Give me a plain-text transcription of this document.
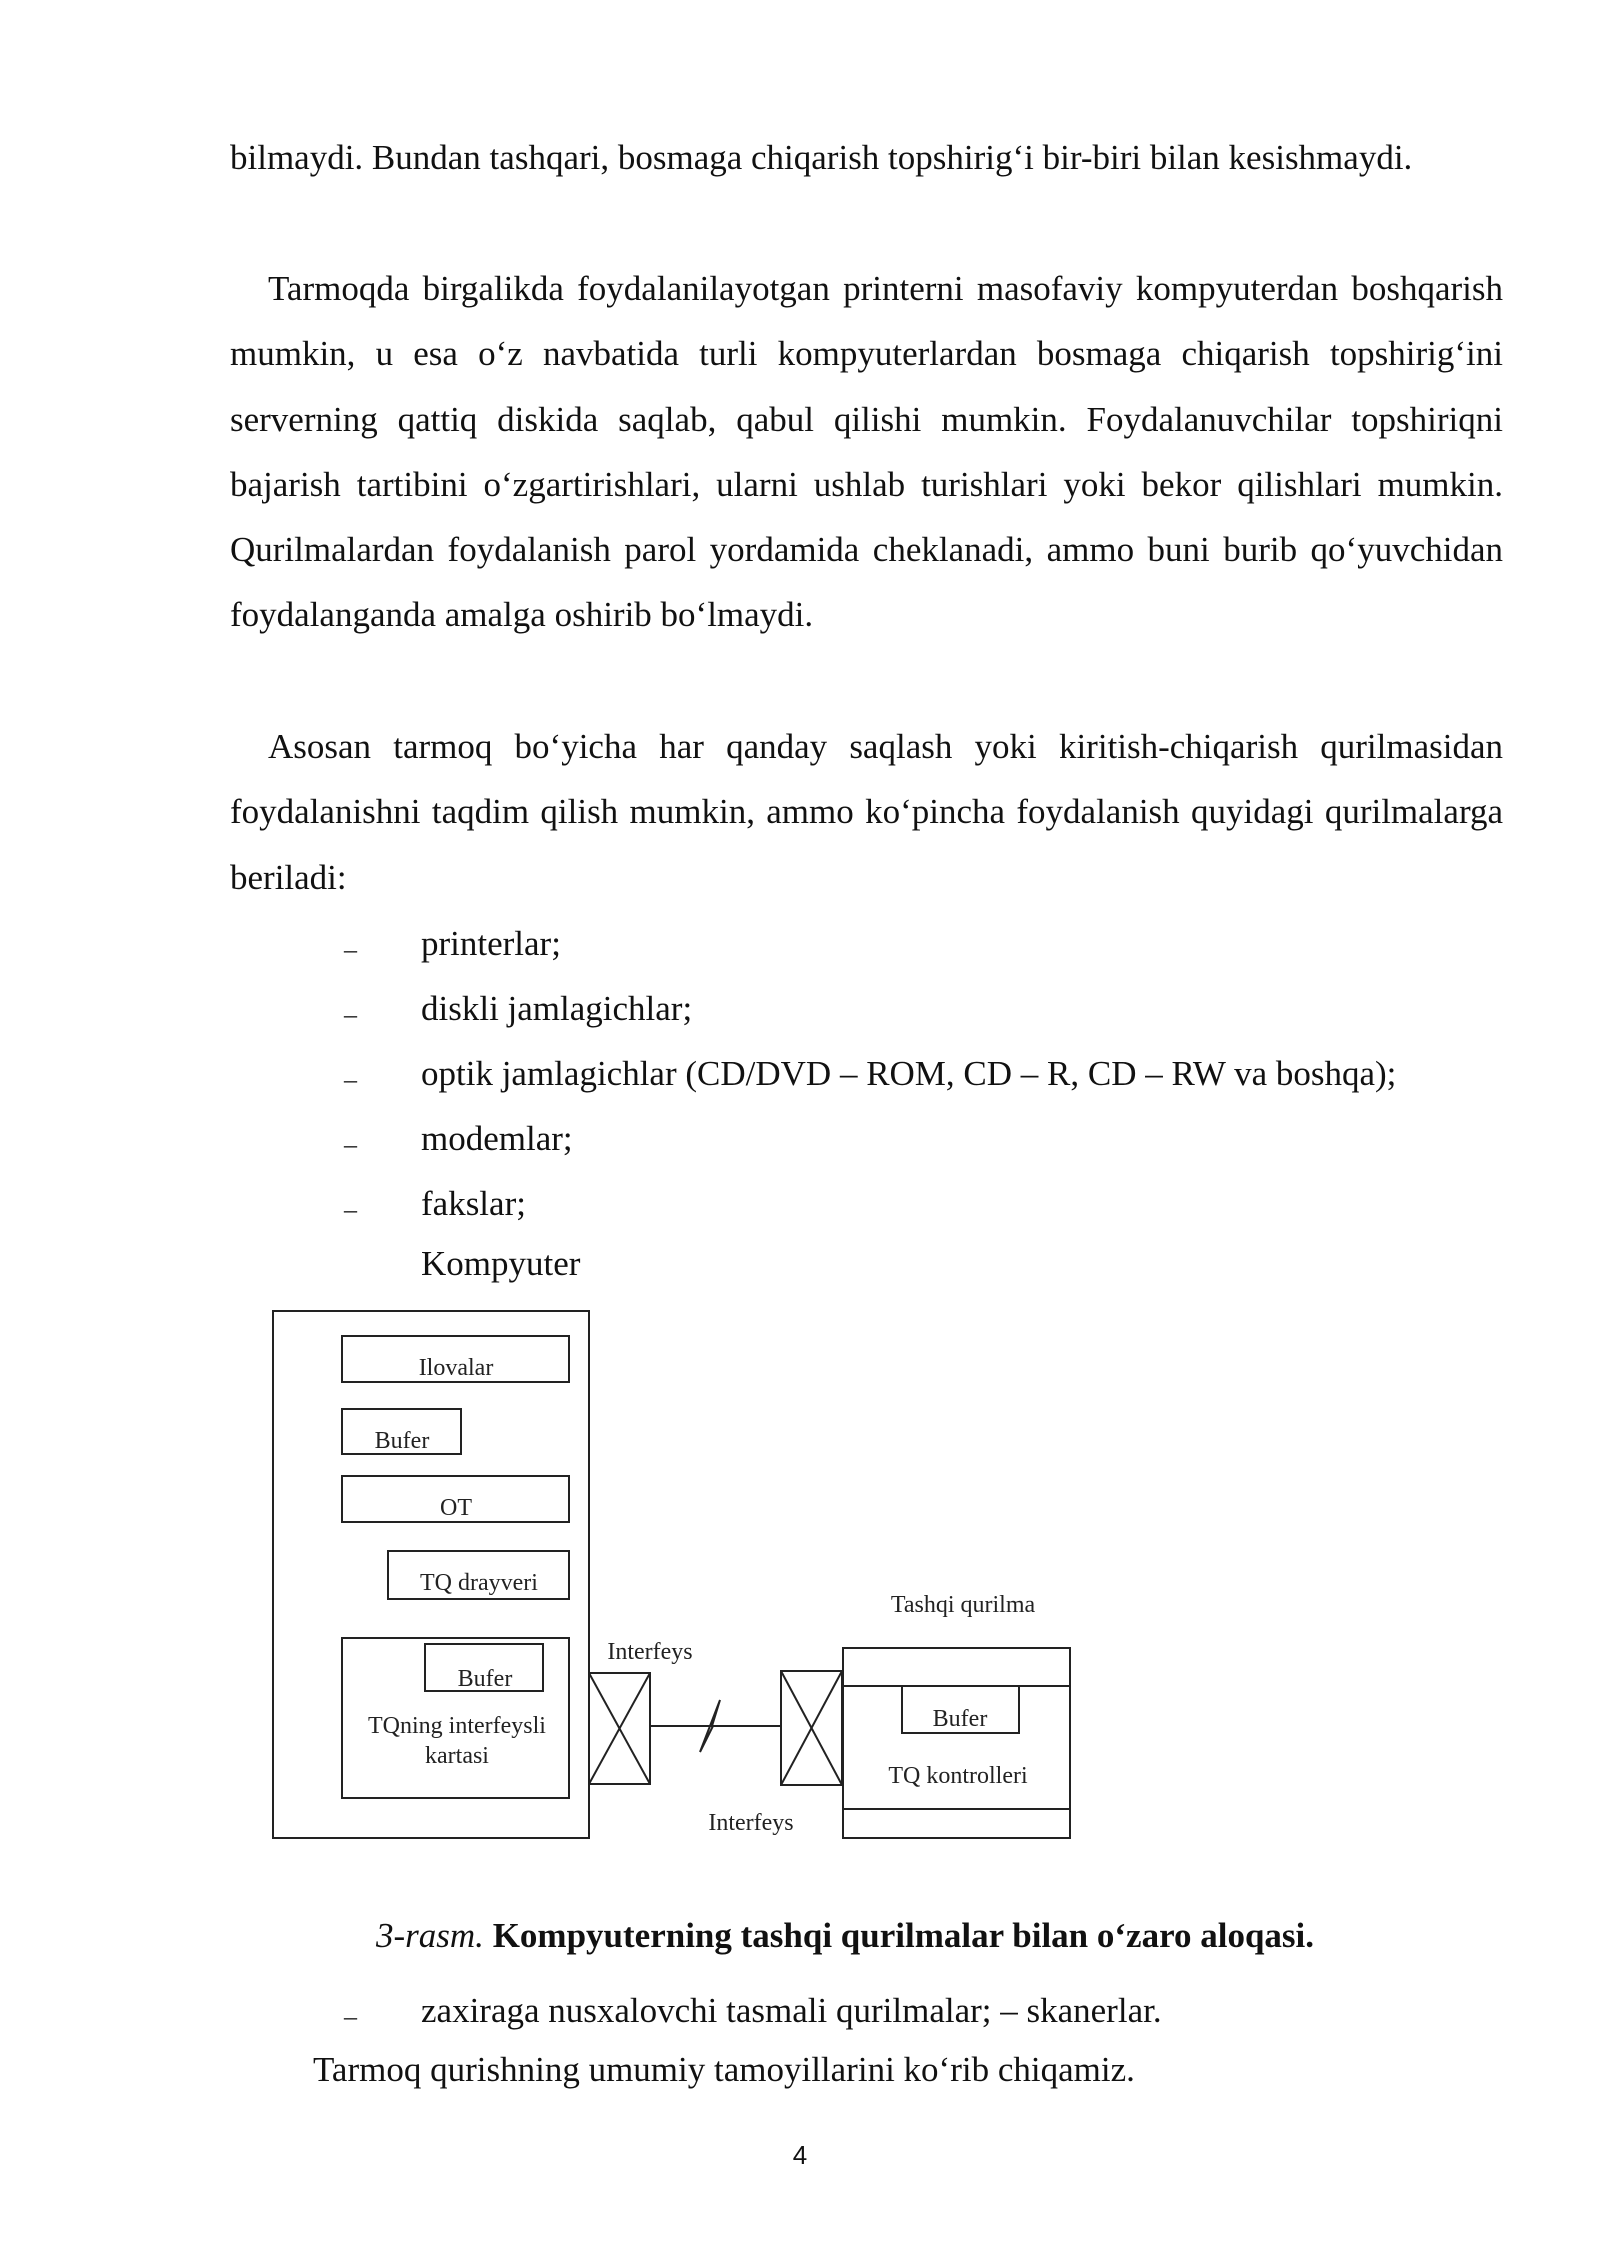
bilmaydi. Bundan tashqari, bosmaga chiqarish topshirig‘i bir-biri bilan kesishmaydi.

Tarmoqda birgalikda foydalanilayotgan printerni masofaviy kompyuterdan boshqarish mumkin, u esa o‘z navbatida turli kompyuterlardan bosmaga chiqarish topshirig‘ini serverning qattiq diskida saqlab, qabul qilishi mumkin. Foydalanuvchilar topshiriqni bajarish tartibini o‘zgartirishlari, ularni ushlab turishlari yoki bekor qilishlari mumkin. Qurilmalardan foydalanish parol yordamida cheklanadi, ammo buni burib qo‘yuvchidan foydalanganda amalga oshirib bo‘lmaydi.

Asosan tarmoq bo‘yicha har qanday saqlash yoki kiritish-chiqarish qurilmasidan foydalanishni taqdim qilish mumkin, ammo ko‘pincha foydalanish quyidagi qurilmalarga beriladi:

– printerlar;
– diskli jamlagichlar;
– optik jamlagichlar (CD/DVD – ROM, CD – R, CD – RW va boshqa);
– modemlar;
– fakslar;
Kompyuter
Ilovalar
Bufer
OT
TQ drayveri
Bufer
TQning interfeysli
kartasi
Interfeys
Interfeys
Tashqi qurilma
Bufer
TQ kontrolleri
3-rasm. Kompyuterning tashqi qurilmalar bilan o‘zaro aloqasi.
– zaxiraga nusxalovchi tasmali qurilmalar; – skanerlar.
Tarmoq qurishning umumiy tamoyillarini ko‘rib chiqamiz.
4
